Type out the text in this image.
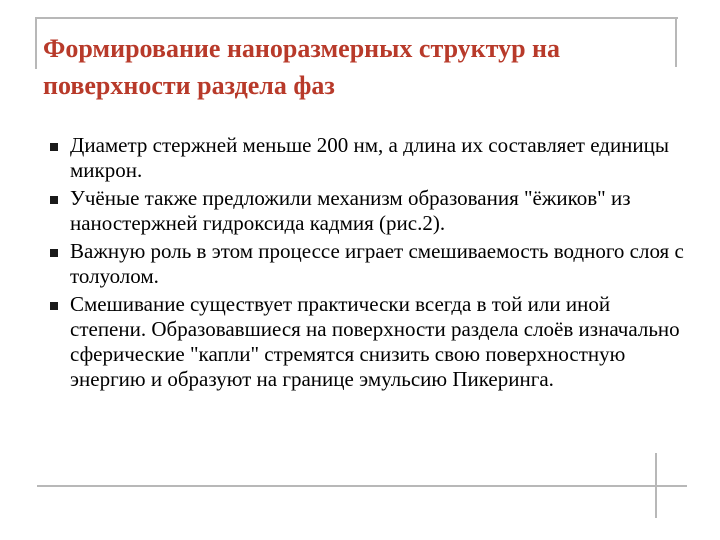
Формирование наноразмерных структур на поверхности раздела фаз
Диаметр стержней меньше 200 нм, а длина их составляет единицы микрон.
Учёные также предложили механизм образования "ёжиков" из наностержней гидроксида кадмия (рис.2).
Важную роль в этом процессе играет смешиваемость водного слоя с толуолом.
Смешивание существует практически всегда в той или иной степени. Образовавшиеся на поверхности раздела слоёв изначально сферические "капли" стремятся снизить свою поверхностную энергию и образуют на границе эмульсию Пикеринга.
